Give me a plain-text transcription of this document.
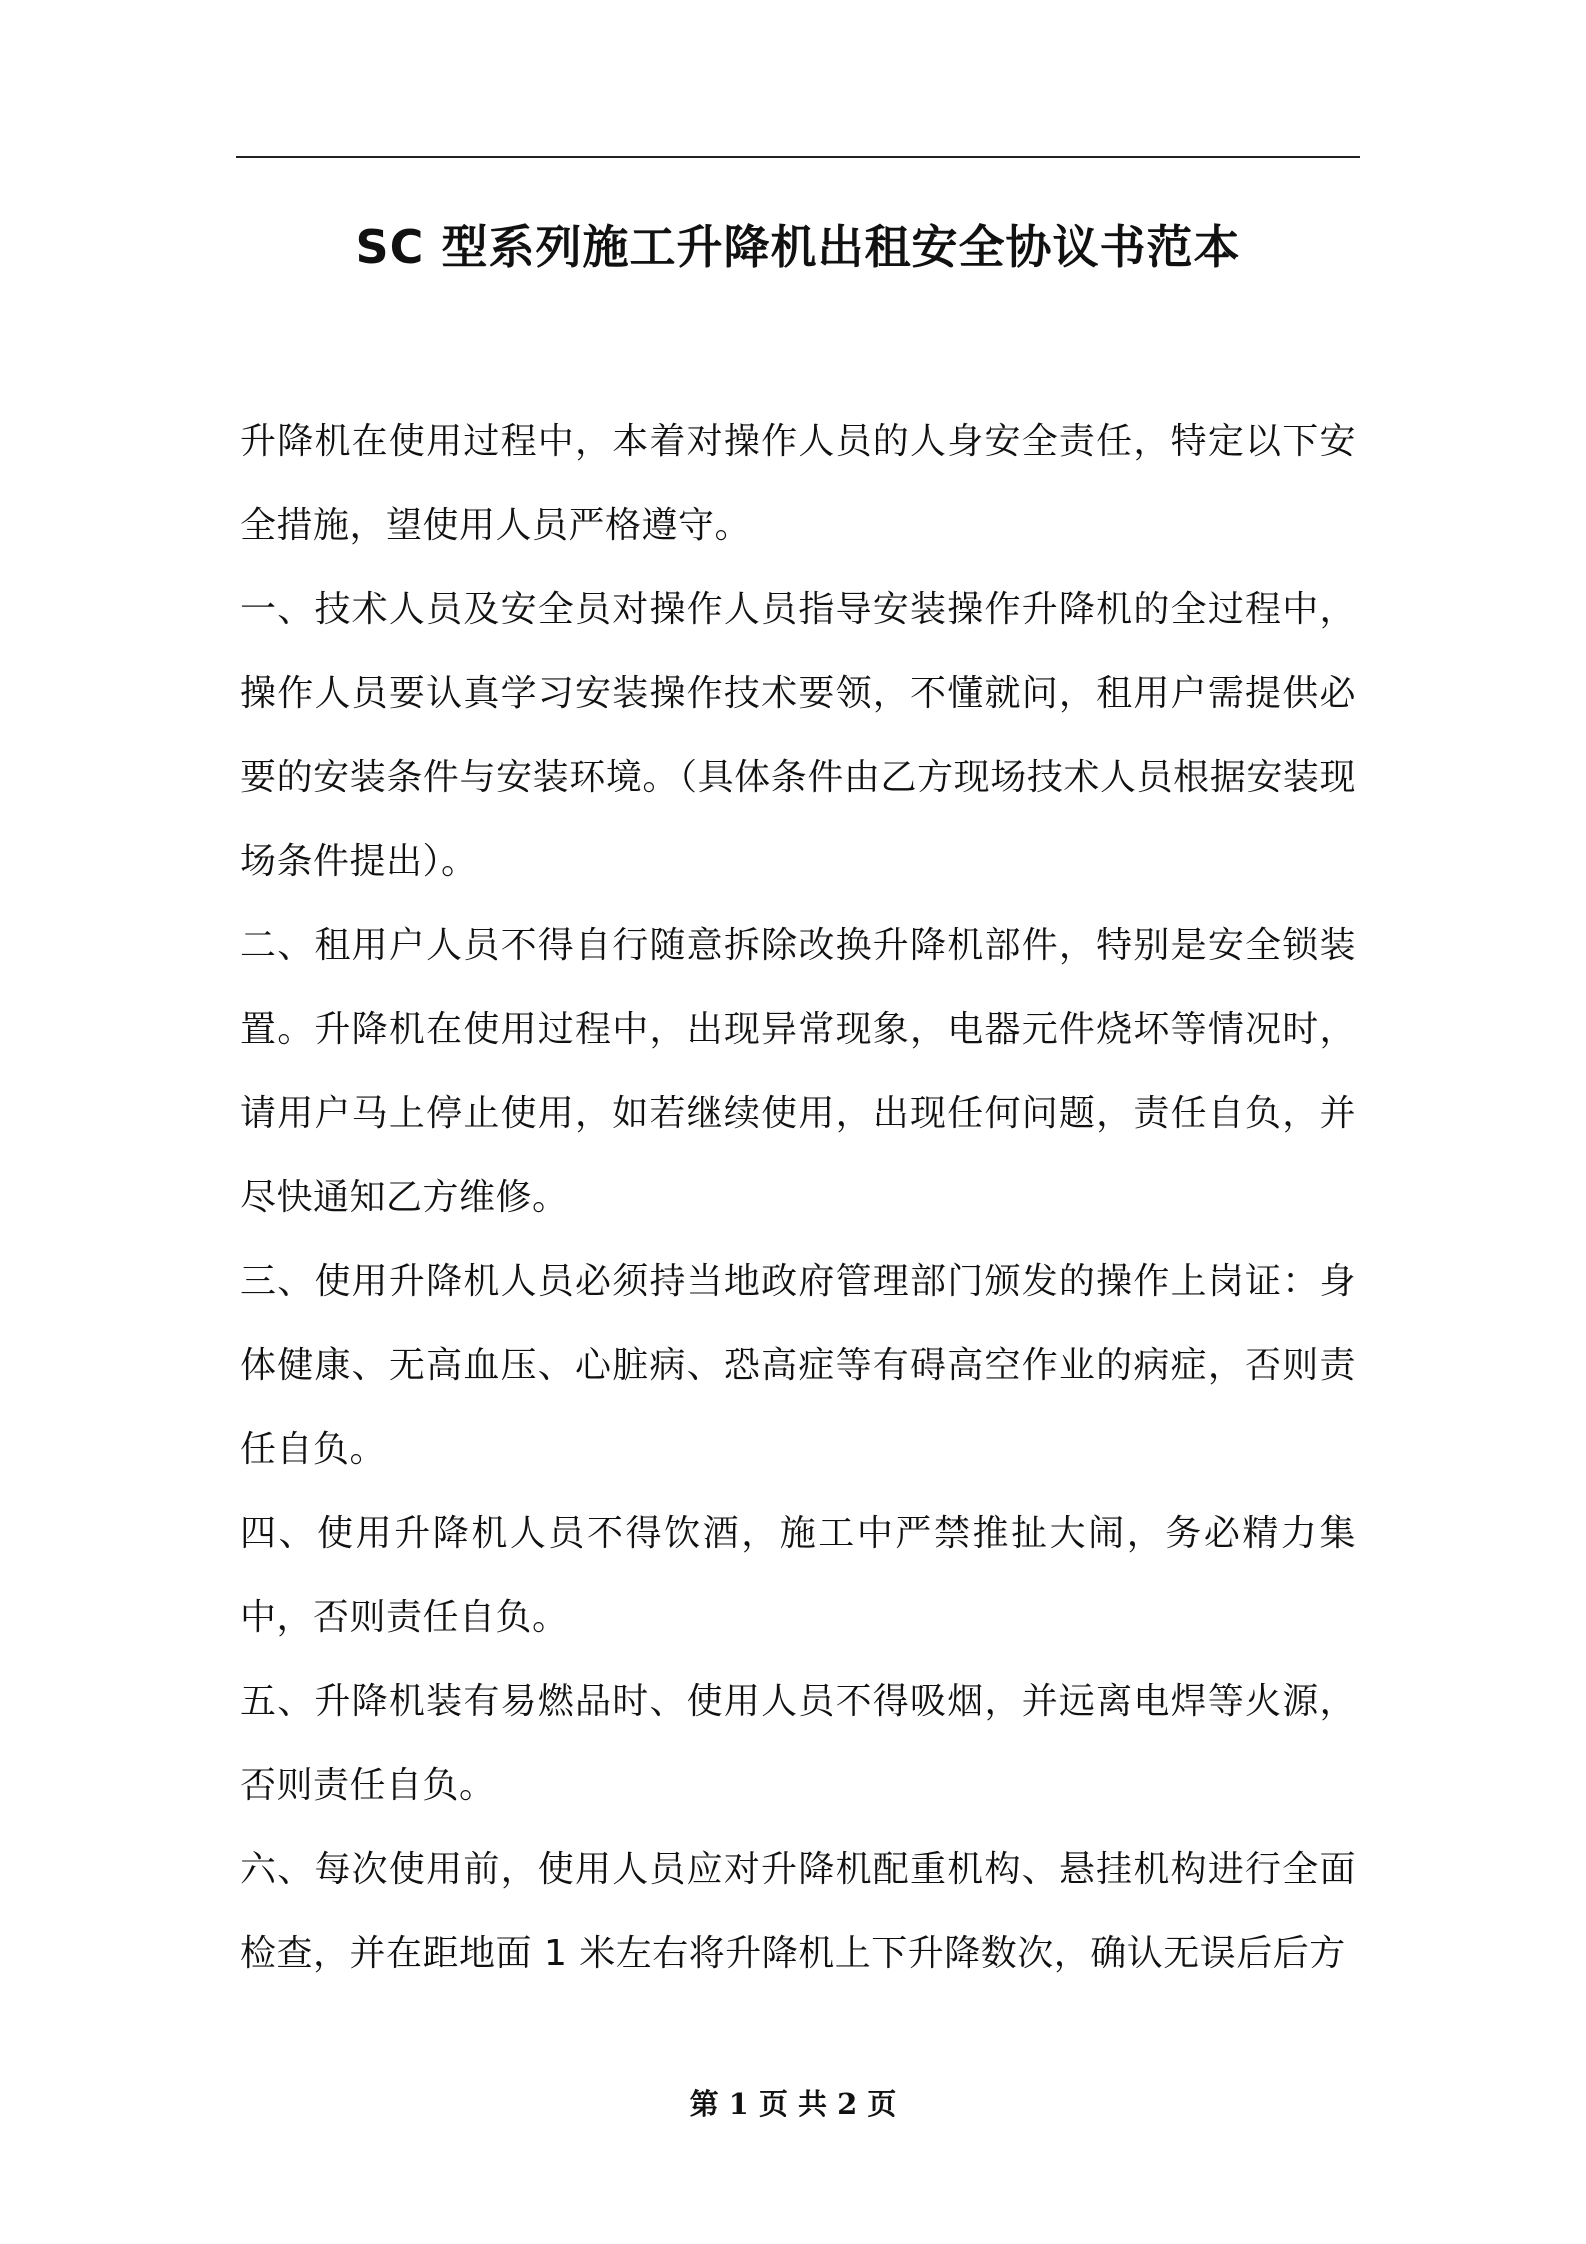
SC 型系列施工升降机出租安全协议书范本

升降机在使用过程中，本着对操作人员的人身安全责任，特定以下安全措施，望使用人员严格遵守。

一、技术人员及安全员对操作人员指导安装操作升降机的全过程中，操作人员要认真学习安装操作技术要领，不懂就问，租用户需提供必要的安装条件与安装环境。（具体条件由乙方现场技术人员根据安装现场条件提出）。

二、租用户人员不得自行随意拆除改换升降机部件，特别是安全锁装置。升降机在使用过程中，出现异常现象，电器元件烧坏等情况时，请用户马上停止使用，如若继续使用，出现任何问题，责任自负，并尽快通知乙方维修。

三、使用升降机人员必须持当地政府管理部门颁发的操作上岗证：身体健康、无高血压、心脏病、恐高症等有碍高空作业的病症，否则责任自负。

四、使用升降机人员不得饮酒，施工中严禁推扯大闹，务必精力集中，否则责任自负。

五、升降机装有易燃品时、使用人员不得吸烟，并远离电焊等火源，否则责任自负。

六、每次使用前，使用人员应对升降机配重机构、悬挂机构进行全面检查，并在距地面 1 米左右将升降机上下升降数次，确认无误后后方

第 1 页 共 2 页
